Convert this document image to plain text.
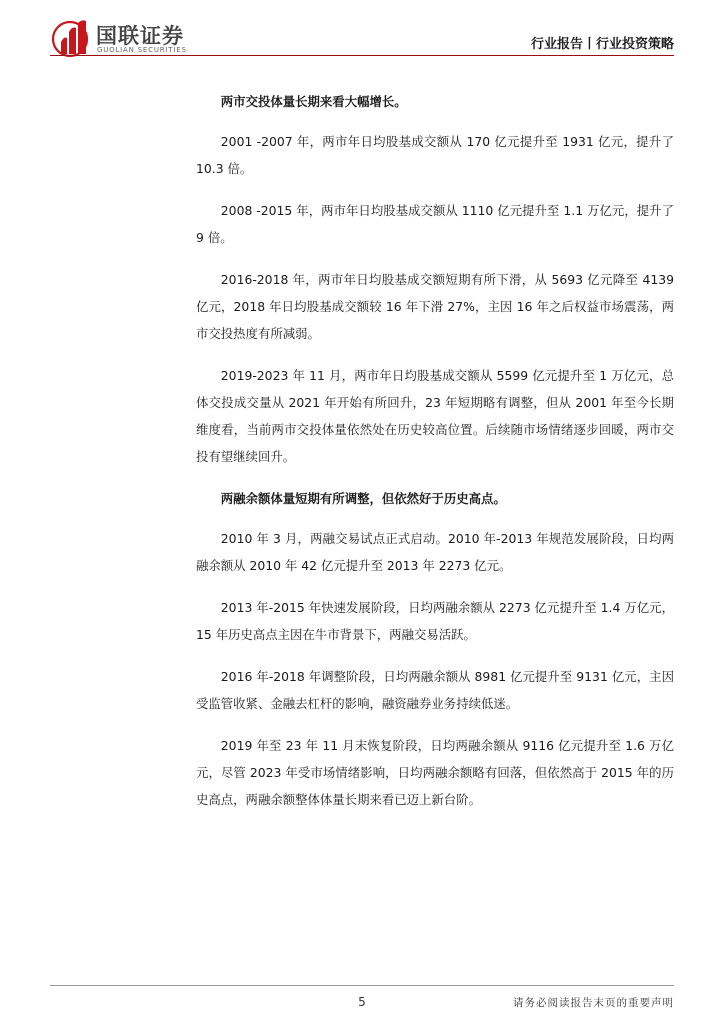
国联证券
GUOLIAN SECURITIES	行业报告丨行业投资策略

两市交投体量长期来看大幅增长。

2001 -2007 年，两市年日均股基成交额从 170 亿元提升至 1931 亿元，提升了 10.3 倍。

2008 -2015 年，两市年日均股基成交额从 1110 亿元提升至 1.1 万亿元，提升了 9 倍。

2016-2018 年，两市年日均股基成交额短期有所下滑，从 5693 亿元降至 4139 亿元，2018 年日均股基成交额较 16 年下滑 27%，主因 16 年之后权益市场震荡，两市交投热度有所减弱。

2019-2023 年 11 月，两市年日均股基成交额从 5599 亿元提升至 1 万亿元，总体交投成交量从 2021 年开始有所回升，23 年短期略有调整，但从 2001 年至今长期维度看，当前两市交投体量依然处在历史较高位置。后续随市场情绪逐步回暖，两市交投有望继续回升。

两融余额体量短期有所调整，但依然好于历史高点。

2010 年 3 月，两融交易试点正式启动。2010 年-2013 年规范发展阶段，日均两融余额从 2010 年 42 亿元提升至 2013 年 2273 亿元。

2013 年-2015 年快速发展阶段，日均两融余额从 2273 亿元提升至 1.4 万亿元，15 年历史高点主因在牛市背景下，两融交易活跃。

2016 年-2018 年调整阶段，日均两融余额从 8981 亿元提升至 9131 亿元，主因受监管收紧、金融去杠杆的影响，融资融券业务持续低迷。

2019 年至 23 年 11 月末恢复阶段，日均两融余额从 9116 亿元提升至 1.6 万亿元，尽管 2023 年受市场情绪影响，日均两融余额略有回落，但依然高于 2015 年的历史高点，两融余额整体体量长期来看已迈上新台阶。

5	请务必阅读报告末页的重要声明
